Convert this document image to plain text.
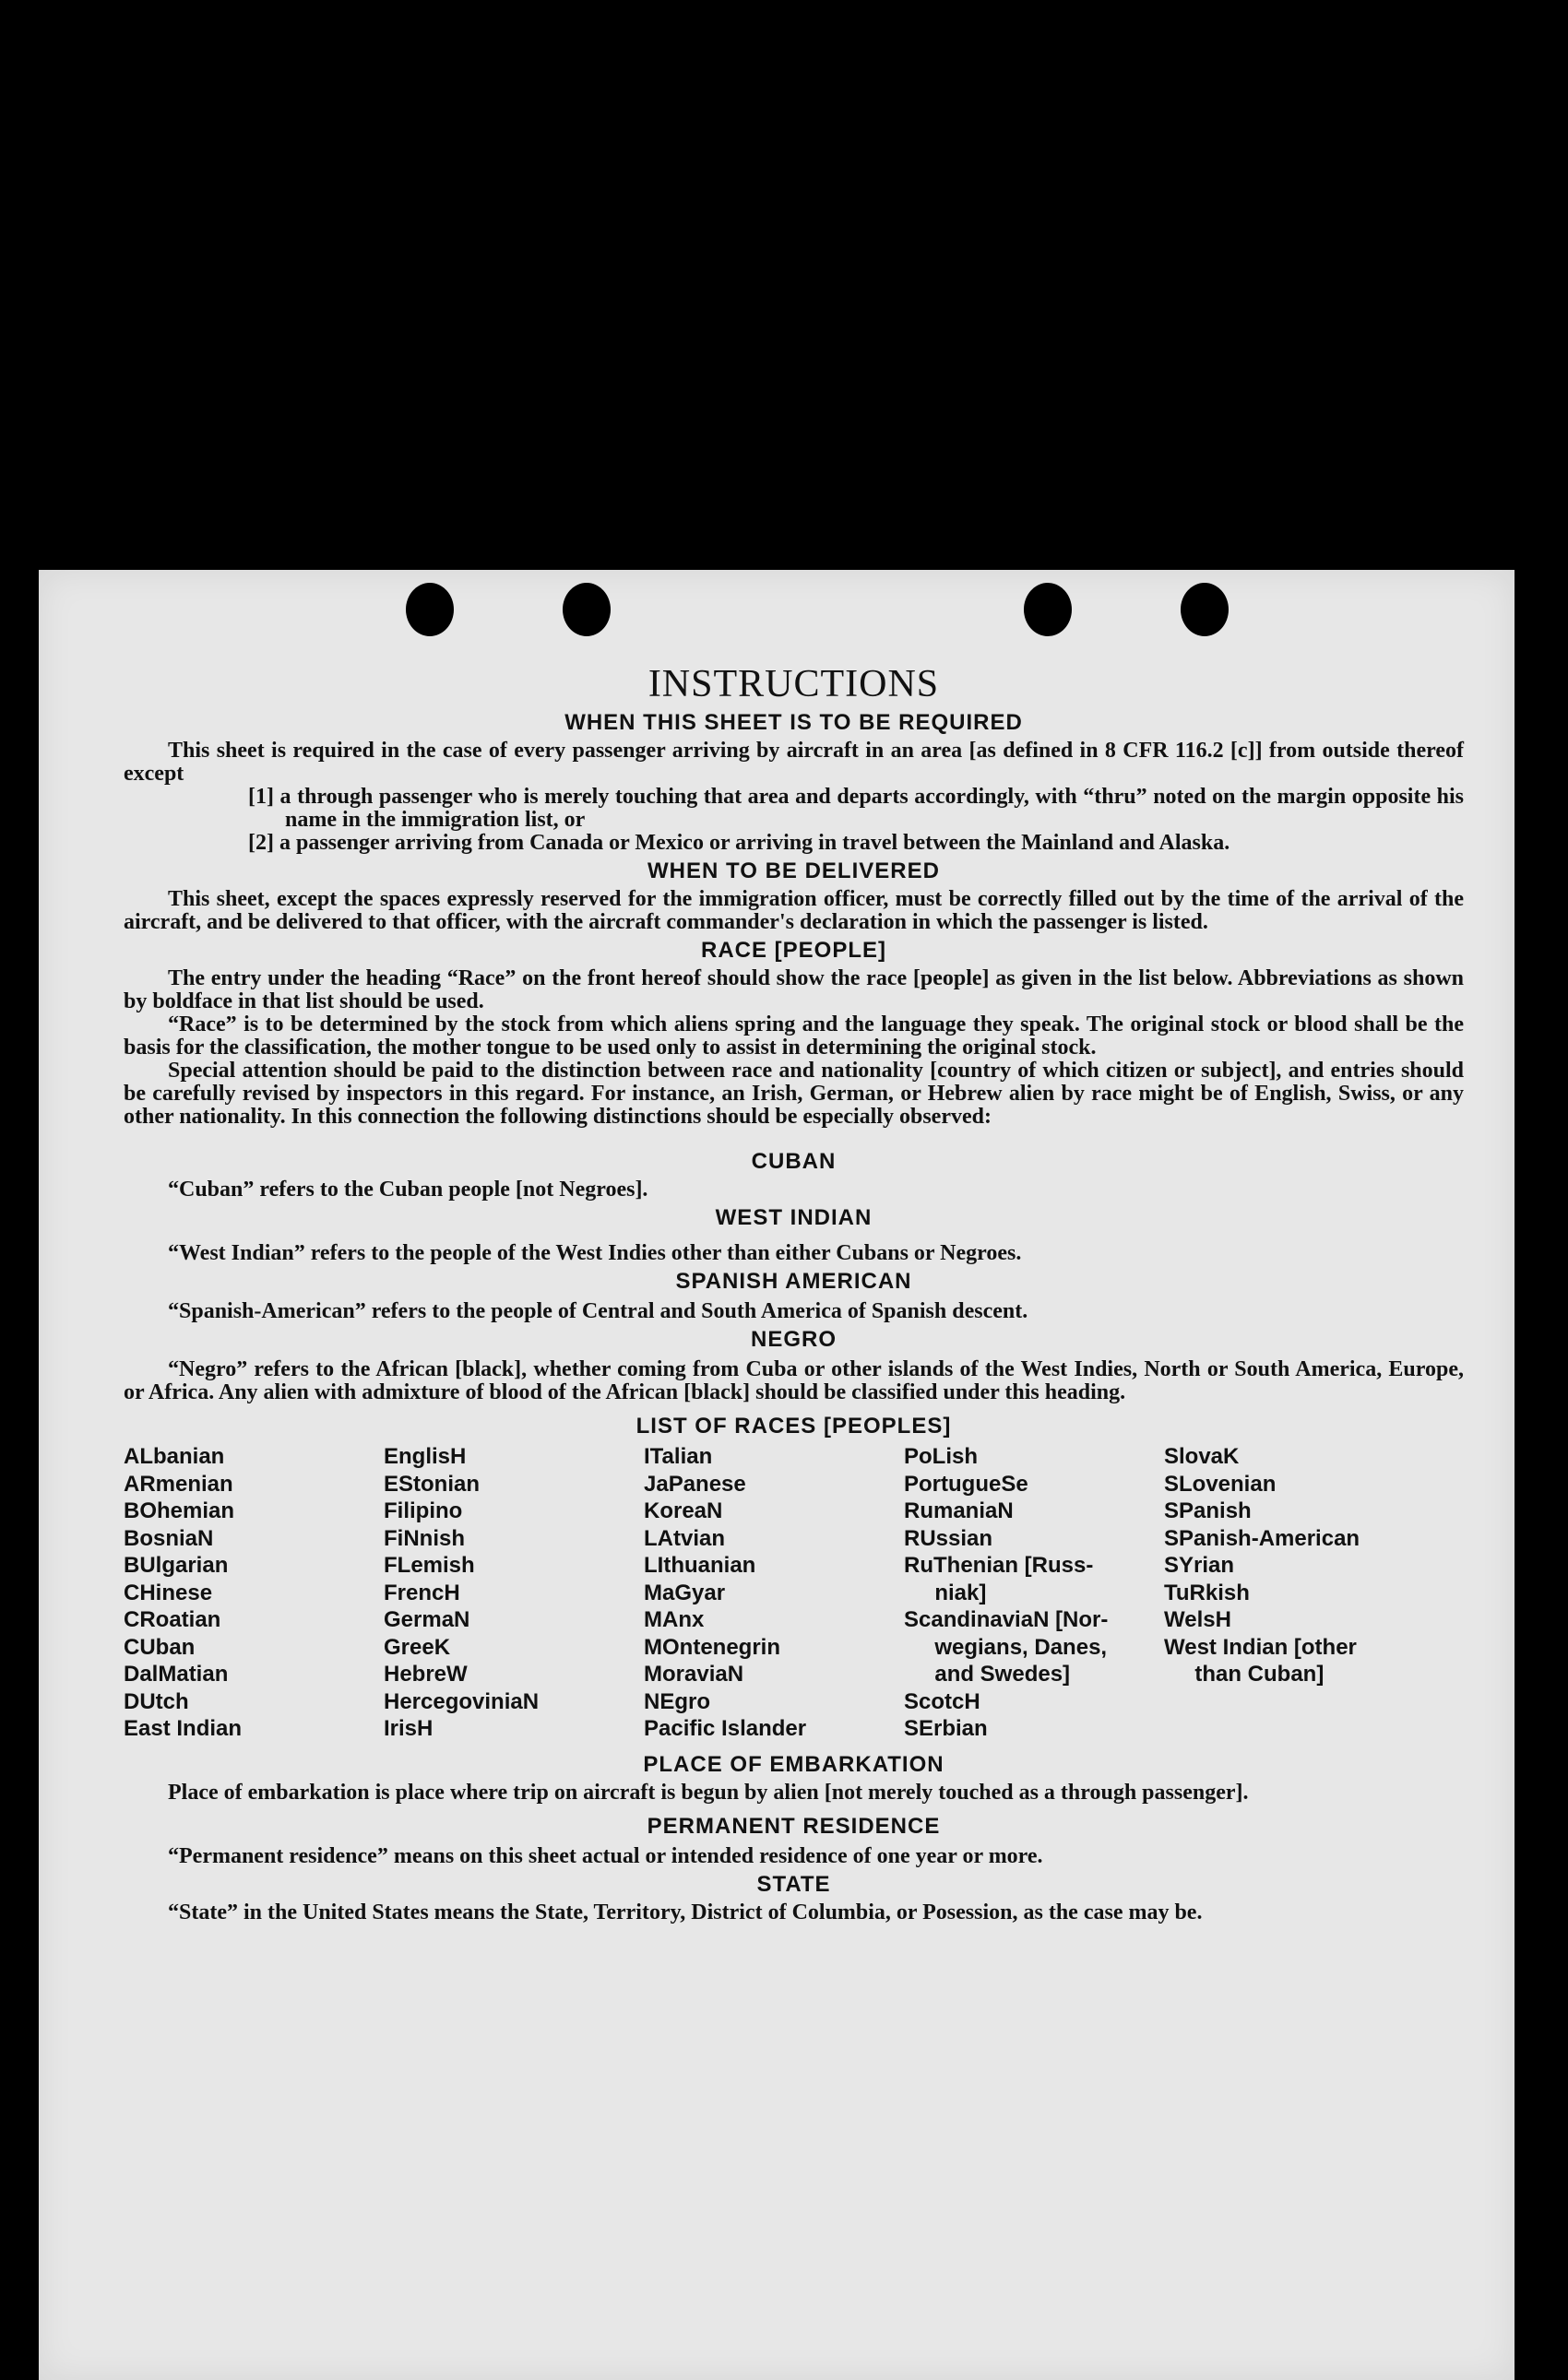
INSTRUCTIONS
WHEN THIS SHEET IS TO BE REQUIRED

This sheet is required in the case of every passenger arriving by aircraft in an area [as defined in 8 CFR 116.2 [c]] from outside thereof except

[1] a through passenger who is merely touching that area and departs accordingly, with “thru” noted on the margin opposite his name in the immigration list, or
[2] a passenger arriving from Canada or Mexico or arriving in travel between the Mainland and Alaska.
WHEN TO BE DELIVERED

This sheet, except the spaces expressly reserved for the immigration officer, must be correctly filled out by the time of the arrival of the aircraft, and be delivered to that officer, with the aircraft commander's declaration in which the passenger is listed.

RACE [PEOPLE]

The entry under the heading “Race” on the front hereof should show the race [people] as given in the list below. Abbreviations as shown by boldface in that list should be used.

“Race” is to be determined by the stock from which aliens spring and the language they speak. The original stock or blood shall be the basis for the classification, the mother tongue to be used only to assist in determining the original stock.

Special attention should be paid to the distinction between race and nationality [country of which citizen or subject], and entries should be carefully revised by inspectors in this regard. For instance, an Irish, German, or Hebrew alien by race might be of English, Swiss, or any other nationality. In this connection the following distinctions should be especially observed:

CUBAN

“Cuban” refers to the Cuban people [not Negroes].

WEST INDIAN

“West Indian” refers to the people of the West Indies other than either Cubans or Negroes.

SPANISH AMERICAN

“Spanish-American” refers to the people of Central and South America of Spanish descent.

NEGRO

“Negro” refers to the African [black], whether coming from Cuba or other islands of the West Indies, North or South America, Europe, or Africa. Any alien with admixture of blood of the African [black] should be classified under this heading.

LIST OF RACES [PEOPLES]
ALbanian
ARmenian
BOhemian
BosniaN
BUlgarian
CHinese
CRoatian
CUban
DalMatian
DUtch
East Indian
EnglisH
EStonian
Filipino
FiNnish
FLemish
FrencH
GermaN
GreeK
HebreW
HercegoviniaN
IrisH
ITalian
JaPanese
KoreaN
LAtvian
LIthuanian
MaGyar
MAnx
MOntenegrin
MoraviaN
NEgro
Pacific Islander
PoLish
PortugueSe
RumaniaN
RUssian
RuThenian [Russ-
niak]
ScandinaviaN [Nor-
wegians, Danes,
and Swedes]
ScotcH
SErbian
SlovaK
SLovenian
SPanish
SPanish-American
SYrian
TuRkish
WelsH
West Indian [other
than Cuban]
PLACE OF EMBARKATION

Place of embarkation is place where trip on aircraft is begun by alien [not merely touched as a through passenger].

PERMANENT RESIDENCE

“Permanent residence” means on this sheet actual or intended residence of one year or more.

STATE

“State” in the United States means the State, Territory, District of Columbia, or Posession, as the case may be.
